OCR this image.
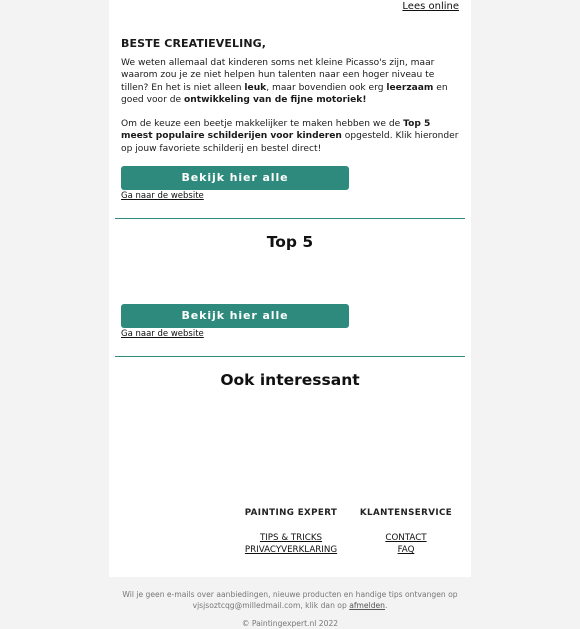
Lees online
BESTE CREATIEVELING,
We weten allemaal dat kinderen soms net kleine Picasso's zijn, maar waarom zou je ze niet helpen hun talenten naar een hoger niveau te tillen? En het is niet alleen leuk, maar bovendien ook erg leerzaam en goed voor de ontwikkeling van de fijne motoriek!
Om de keuze een beetje makkelijker te maken hebben we de Top 5 meest populaire schilderijen voor kinderen opgesteld. Klik hieronder op jouw favoriete schilderij en bestel direct!
Bekijk hier alle kinderschilderijen
Ga naar de website
Top 5
Bekijk hier alle kinderschilderijen
Ga naar de website
Ook interessant
PAINTING EXPERT
TIPS & TRICKS
PRIVACYVERKLARING
KLANTENSERVICE
CONTACT
FAQ
Wil je geen e-mails over aanbiedingen, nieuwe producten en handige tips ontvangen op vjsjsoztcqg@milledmail.com, klik dan op afmelden.
© Paintingexpert.nl 2022
